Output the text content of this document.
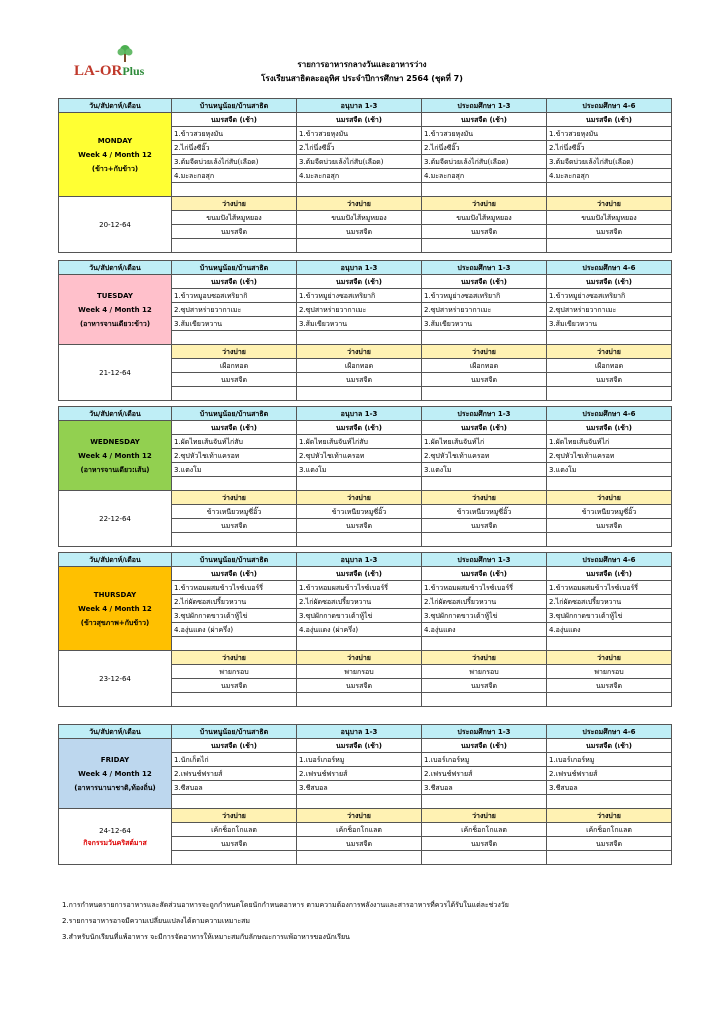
LA-ORPlus	รายการอาหารกลางวันและอาหารว่าง
โรงเรียนสาธิตละออุทิศ ประจำปีการศึกษา 2564 (ชุดที่ 7)
วัน/สัปดาห์/เดือน	บ้านหนูน้อย/บ้านสาธิต	อนุบาล 1-3	ประถมศึกษา 1-3	ประถมศึกษา 4-6

MONDAY
Week 4 / Month 12
(ข้าว+กับข้าว)	นมรสจืด (เช้า)	นมรสจืด (เช้า)	นมรสจืด (เช้า)	นมรสจืด (เช้า)
	1.ข้าวสวยหุงมัน	1.ข้าวสวยหุงมัน	1.ข้าวสวยหุงมัน	1.ข้าวสวยหุงมัน
	2.ไก่นึ่งซีอิ๊ว	2.ไก่นึ่งซีอิ๊ว	2.ไก่นึ่งซีอิ๊ว	2.ไก่นึ่งซีอิ๊ว
	3.ต้มจืดบ่วยเล้งไก่สับ(เลือด)	3.ต้มจืดบ่วยเล้งไก่สับ(เลือด)	3.ต้มจืดบ่วยเล้งไก่สับ(เลือด)	3.ต้มจืดบ่วยเล้งไก่สับ(เลือด)
	4.มะละกอสุก	4.มะละกอสุก	4.มะละกอสุก	4.มะละกอสุก

20-12-64	ว่างบ่าย	ว่างบ่าย	ว่างบ่าย	ว่างบ่าย
	ขนมปังไส้หมูหยอง	ขนมปังไส้หมูหยอง	ขนมปังไส้หมูหยอง	ขนมปังไส้หมูหยอง
	นมรสจืด	นมรสจืด	นมรสจืด	นมรสจืด

วัน/สัปดาห์/เดือน	บ้านหนูน้อย/บ้านสาธิต	อนุบาล 1-3	ประถมศึกษา 1-3	ประถมศึกษา 4-6

TUESDAY
Week 4 / Month 12
(อาหารจานเดียว:ข้าว)	นมรสจืด (เช้า)	นมรสจืด (เช้า)	นมรสจืด (เช้า)	นมรสจืด (เช้า)
	1.ข้าวหมูอบซอสเทริยากิ	1.ข้าวหมูย่างซอสเทริยากิ	1.ข้าวหมูย่างซอสเทริยากิ	1.ข้าวหมูย่างซอสเทริยากิ
	2.ซุปสาหร่ายวากาเมะ	2.ซุปสาหร่ายวากาเมะ	2.ซุปสาหร่ายวากาเมะ	2.ซุปสาหร่ายวากาเมะ
	3.ส้มเขียวหวาน	3.ส้มเขียวหวาน	3.ส้มเขียวหวาน	3.ส้มเขียวหวาน

21-12-64	ว่างบ่าย	ว่างบ่าย	ว่างบ่าย	ว่างบ่าย
	เผือกทอด	เผือกทอด	เผือกทอด	เผือกทอด
	นมรสจืด	นมรสจืด	นมรสจืด	นมรสจืด

วัน/สัปดาห์/เดือน	บ้านหนูน้อย/บ้านสาธิต	อนุบาล 1-3	ประถมศึกษา 1-3	ประถมศึกษา 4-6

WEDNESDAY
Week 4 / Month 12
(อาหารจานเดียว:เส้น)	นมรสจืด (เช้า)	นมรสจืด (เช้า)	นมรสจืด (เช้า)	นมรสจืด (เช้า)
	1.ผัดไทยเส้นจันท์ไก่สับ	1.ผัดไทยเส้นจันท์ไก่สับ	1.ผัดไทยเส้นจันท์ไก่	1.ผัดไทยเส้นจันท์ไก่
	2.ซุปหัวไชเท้าแครอท	2.ซุปหัวไชเท้าแครอท	2.ซุปหัวไชเท้าแครอท	2.ซุปหัวไชเท้าแครอท
	3.แตงโม	3.แตงโม	3.แตงโม	3.แตงโม

22-12-64	ว่างบ่าย	ว่างบ่าย	ว่างบ่าย	ว่างบ่าย
	ข้าวเหนียวหมูซี่อิ๊ว	ข้าวเหนียวหมูซี่อิ๊ว	ข้าวเหนียวหมูซี่อิ๊ว	ข้าวเหนียวหมูซี่อิ๊ว
	นมรสจืด	นมรสจืด	นมรสจืด	นมรสจืด

วัน/สัปดาห์/เดือน	บ้านหนูน้อย/บ้านสาธิต	อนุบาล 1-3	ประถมศึกษา 1-3	ประถมศึกษา 4-6

THURSDAY
Week 4 / Month 12
(ข้าวสุขภาพ+กับข้าว)	นมรสจืด (เช้า)	นมรสจืด (เช้า)	นมรสจืด (เช้า)	นมรสจืด (เช้า)
	1.ข้าวหอมผสมข้าวไรซ์เบอร์รี่	1.ข้าวหอมผสมข้าวไรซ์เบอร์รี่	1.ข้าวหอมผสมข้าวไรซ์เบอร์รี่	1.ข้าวหอมผสมข้าวไรซ์เบอร์รี่
	2.ไก่ผัดซอสเปรี้ยวหวาน	2.ไก่ผัดซอสเปรี้ยวหวาน	2.ไก่ผัดซอสเปรี้ยวหวาน	2.ไก่ผัดซอสเปรี้ยวหวาน
	3.ซุปผักกาดขาวเต้าหู้ไข่	3.ซุปผักกาดขาวเต้าหู้ไข่	3.ซุปผักกาดขาวเต้าหู้ไข่	3.ซุปผักกาดขาวเต้าหู้ไข่
	4.องุ่นแดง (ผ่าครึ่ง)	4.องุ่นแดง (ผ่าครึ่ง)	4.องุ่นแดง	4.องุ่นแดง

23-12-64	ว่างบ่าย	ว่างบ่าย	ว่างบ่าย	ว่างบ่าย
	พายกรอบ	พายกรอบ	พายกรอบ	พายกรอบ
	นมรสจืด	นมรสจืด	นมรสจืด	นมรสจืด

วัน/สัปดาห์/เดือน	บ้านหนูน้อย/บ้านสาธิต	อนุบาล 1-3	ประถมศึกษา 1-3	ประถมศึกษา 4-6

FRIDAY
Week 4 / Month 12
(อาหารนานาชาติ,ท้องถิ่น)	นมรสจืด (เช้า)	นมรสจืด (เช้า)	นมรสจืด (เช้า)	นมรสจืด (เช้า)
	1.นักเก็ตไก่	1.เบอร์เกอร์หมู	1.เบอร์เกอร์หมู	1.เบอร์เกอร์หมู
	2.เฟรนช์ฟรายส์	2.เฟรนช์ฟรายส์	2.เฟรนช์ฟรายส์	2.เฟรนช์ฟรายส์
	3.ซีสบอล	3.ชีสบอล	3.ชีสบอล	3.ชีสบอล

24-12-64
กิจกรรมวันคริสต์มาส	ว่างบ่าย	ว่างบ่าย	ว่างบ่าย	ว่างบ่าย
	เค้กช็อกโกแลต	เค้กช็อกโกแลต	เค้กช็อกโกแลต	เค้กช็อกโกแลต
	นมรสจืด	นมรสจืด	นมรสจืด	นมรสจืด

1.การกำหนดรายการอาหารและสัดส่วนอาหารจะถูกกำหนดโดยนักกำหนดอาหาร ตามความต้องการพลังงานและสารอาหารที่ควรได้รับในแต่ละช่วงวัย
2.รายการอาหารอาจมีความเปลี่ยนแปลงได้ตามความเหมาะสม
3.สำหรับนักเรียนที่แพ้อาหาร จะมีการจัดอาหารให้เหมาะสมกับลักษณะการแพ้อาหารของนักเรียน
